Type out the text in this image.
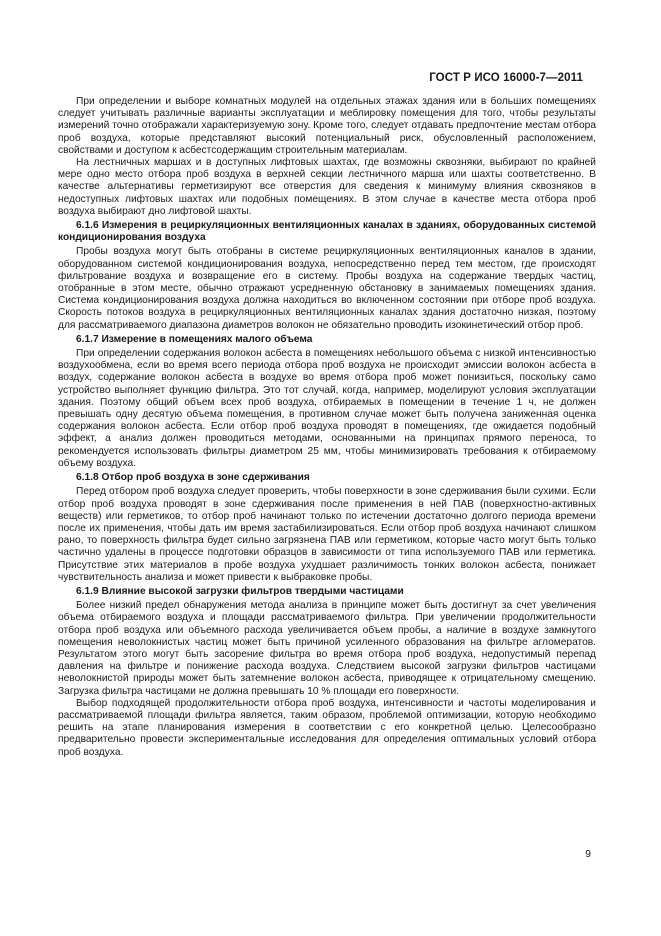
ГОСТ Р ИСО 16000-7—2011

При определении и выборе комнатных модулей на отдельных этажах здания или в больших помещениях следует учитывать различные варианты эксплуатации и меблировку помещения для того, чтобы результаты измерений точно отображали характеризуемую зону. Кроме того, следует отдавать предпочтение местам отбора проб воздуха, которые представляют высокий потенциальный риск, обусловленный расположением, свойствами и доступом к асбестсодержащим строительным материалам.

На лестничных маршах и в доступных лифтовых шахтах, где возможны сквозняки, выбирают по крайней мере одно место отбора проб воздуха в верхней секции лестничного марша или шахты соответственно. В качестве альтернативы герметизируют все отверстия для сведения к минимуму влияния сквозняков в недоступных лифтовых шахтах или подобных помещениях. В этом случае в качестве места отбора проб воздуха выбирают дно лифтовой шахты.

6.1.6 Измерения в рециркуляционных вентиляционных каналах в зданиях, оборудованных системой кондиционирования воздуха

Пробы воздуха могут быть отобраны в системе рециркуляционных вентиляционных каналов в здании, оборудованном системой кондиционирования воздуха, непосредственно перед тем местом, где происходят фильтрование воздуха и возвращение его в систему. Пробы воздуха на содержание твердых частиц, отобранные в этом месте, обычно отражают усредненную обстановку в занимаемых помещениях здания. Система кондиционирования воздуха должна находиться во включенном состоянии при отборе проб воздуха. Скорость потоков воздуха в рециркуляционных вентиляционных каналах здания достаточно низкая, поэтому для рассматриваемого диапазона диаметров волокон не обязательно проводить изокинетический отбор проб.

6.1.7 Измерение в помещениях малого объема

При определении содержания волокон асбеста в помещениях небольшого объема с низкой интенсивностью воздухообмена, если во время всего периода отбора проб воздуха не происходит эмиссии волокон асбеста в воздух, содержание волокон асбеста в воздухе во время отбора проб может понизиться, поскольку само устройство выполняет функцию фильтра. Это тот случай, когда, например, моделируют условия эксплуатации здания. Поэтому общий объем всех проб воздуха, отбираемых в помещении в течение 1 ч, не должен превышать одну десятую объема помещения, в противном случае может быть получена заниженная оценка содержания волокон асбеста. Если отбор проб воздуха проводят в помещениях, где ожидается подобный эффект, а анализ должен проводиться методами, основанными на принципах прямого переноса, то рекомендуется использовать фильтры диаметром 25 мм, чтобы минимизировать требования к отбираемому объему воздуха.

6.1.8 Отбор проб воздуха в зоне сдерживания

Перед отбором проб воздуха следует проверить, чтобы поверхности в зоне сдерживания были сухими. Если отбор проб воздуха проводят в зоне сдерживания после применения в ней ПАВ (поверхностно-активных веществ) или герметиков, то отбор проб начинают только по истечении достаточно долгого периода времени после их применения, чтобы дать им время застабилизироваться. Если отбор проб воздуха начинают слишком рано, то поверхность фильтра будет сильно загрязнена ПАВ или герметиком, которые часто могут быть только частично удалены в процессе подготовки образцов в зависимости от типа используемого ПАВ или герметика. Присутствие этих материалов в пробе воздуха ухудшает различимость тонких волокон асбеста, понижает чувствительность анализа и может привести к выбраковке пробы.

6.1.9 Влияние высокой загрузки фильтров твердыми частицами

Более низкий предел обнаружения метода анализа в принципе может быть достигнут за счет увеличения объема отбираемого воздуха и площади рассматриваемого фильтра. При увеличении продолжительности отбора проб воздуха или объемного расхода увеличивается объем пробы, а наличие в воздухе замкнутого помещения неволокнистых частиц может быть причиной усиленного образования на фильтре агломератов. Результатом этого могут быть засорение фильтра во время отбора проб воздуха, недопустимый перепад давления на фильтре и понижение расхода воздуха. Следствием высокой загрузки фильтров частицами неволокнистой природы может быть затемнение волокон асбеста, приводящее к отрицательному смещению. Загрузка фильтра частицами не должна превышать 10 % площади его поверхности.

Выбор подходящей продолжительности отбора проб воздуха, интенсивности и частоты моделирования и рассматриваемой площади фильтра является, таким образом, проблемой оптимизации, которую необходимо решить на этапе планирования измерения в соответствии с его конкретной целью. Целесообразно предварительно провести экспериментальные исследования для определения оптимальных условий отбора проб воздуха.

9
